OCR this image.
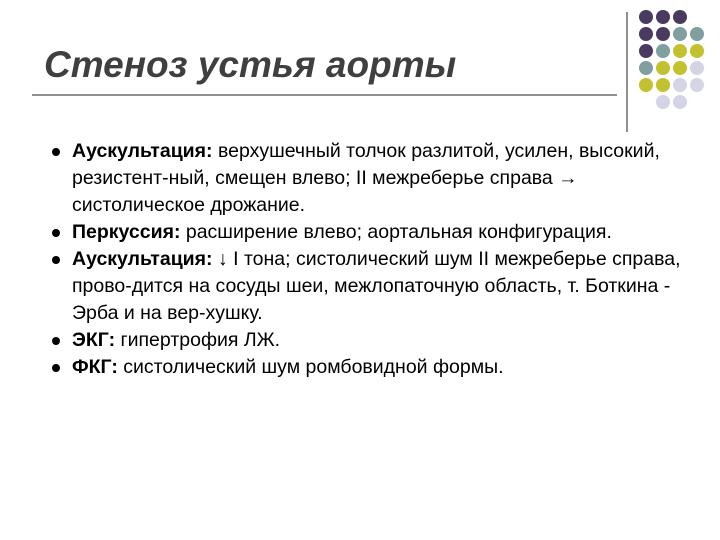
Стеноз устья аорты
Аускультация: верхушечный толчок разлитой, усилен, высокий, резистент-ный, смещен влево; II межреберье справа → систолическое дрожание.
Перкуссия: расширение влево; аортальная конфигурация.
Аускультация: ↓ I тона; систолический шум II межреберье справа, прово-дится на сосуды шеи, межлопаточную область, т. Боткина - Эрба и на вер-хушку.
ЭКГ: гипертрофия ЛЖ.
ФКГ: систолический шум ромбовидной формы.
